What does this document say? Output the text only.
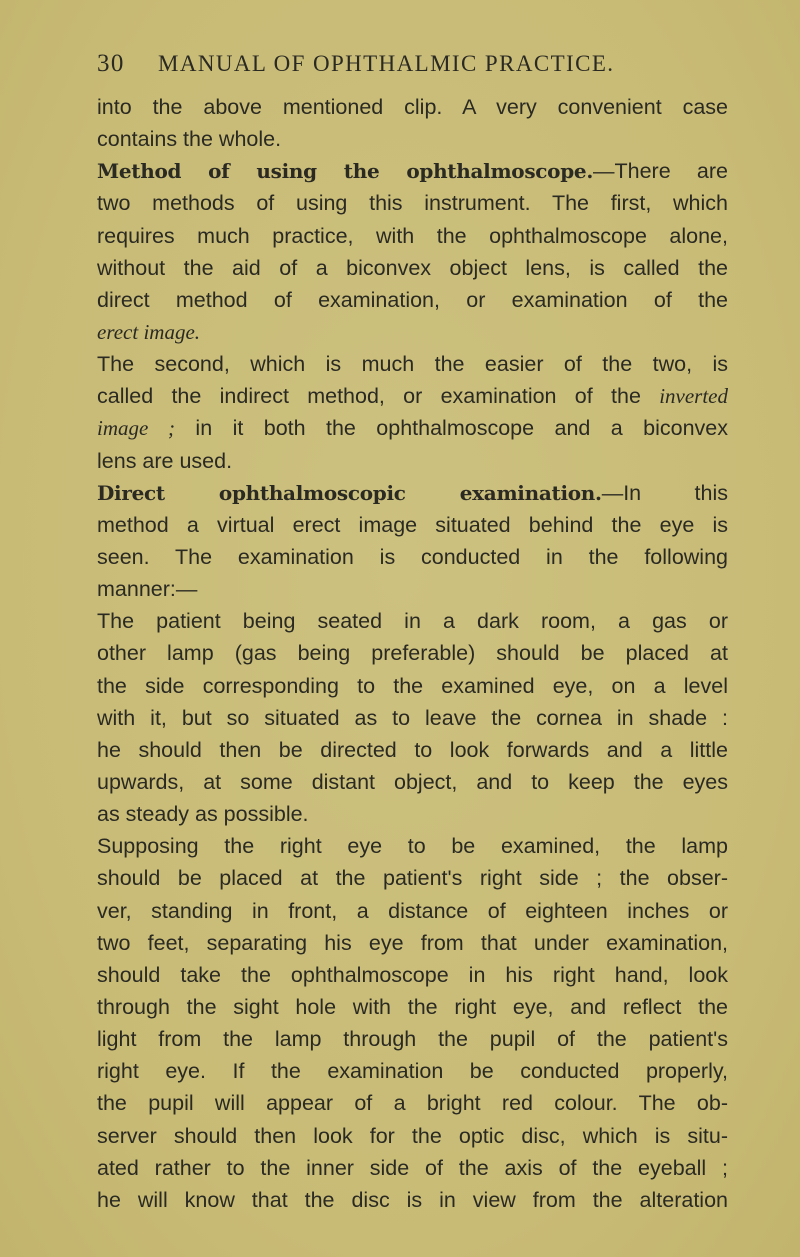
30 MANUAL OF OPHTHALMIC PRACTICE.
into the above mentioned clip. A very convenient case
contains the whole.
Method of using the ophthalmoscope.—There are
two methods of using this instrument. The first, which
requires much practice, with the ophthalmoscope alone,
without the aid of a biconvex object lens, is called the
direct method of examination, or examination of the
erect image.
The second, which is much the easier of the two, is
called the indirect method, or examination of the inverted
image ; in it both the ophthalmoscope and a biconvex
lens are used.
Direct ophthalmoscopic examination.—In this
method a virtual erect image situated behind the eye is
seen. The examination is conducted in the following
manner:—
The patient being seated in a dark room, a gas or
other lamp (gas being preferable) should be placed at
the side corresponding to the examined eye, on a level
with it, but so situated as to leave the cornea in shade :
he should then be directed to look forwards and a little
upwards, at some distant object, and to keep the eyes
as steady as possible.
Supposing the right eye to be examined, the lamp
should be placed at the patient's right side ; the obser-
ver, standing in front, a distance of eighteen inches or
two feet, separating his eye from that under examination,
should take the ophthalmoscope in his right hand, look
through the sight hole with the right eye, and reflect the
light from the lamp through the pupil of the patient's
right eye. If the examination be conducted properly,
the pupil will appear of a bright red colour. The ob-
server should then look for the optic disc, which is situ-
ated rather to the inner side of the axis of the eyeball ;
he will know that the disc is in view from the alteration
